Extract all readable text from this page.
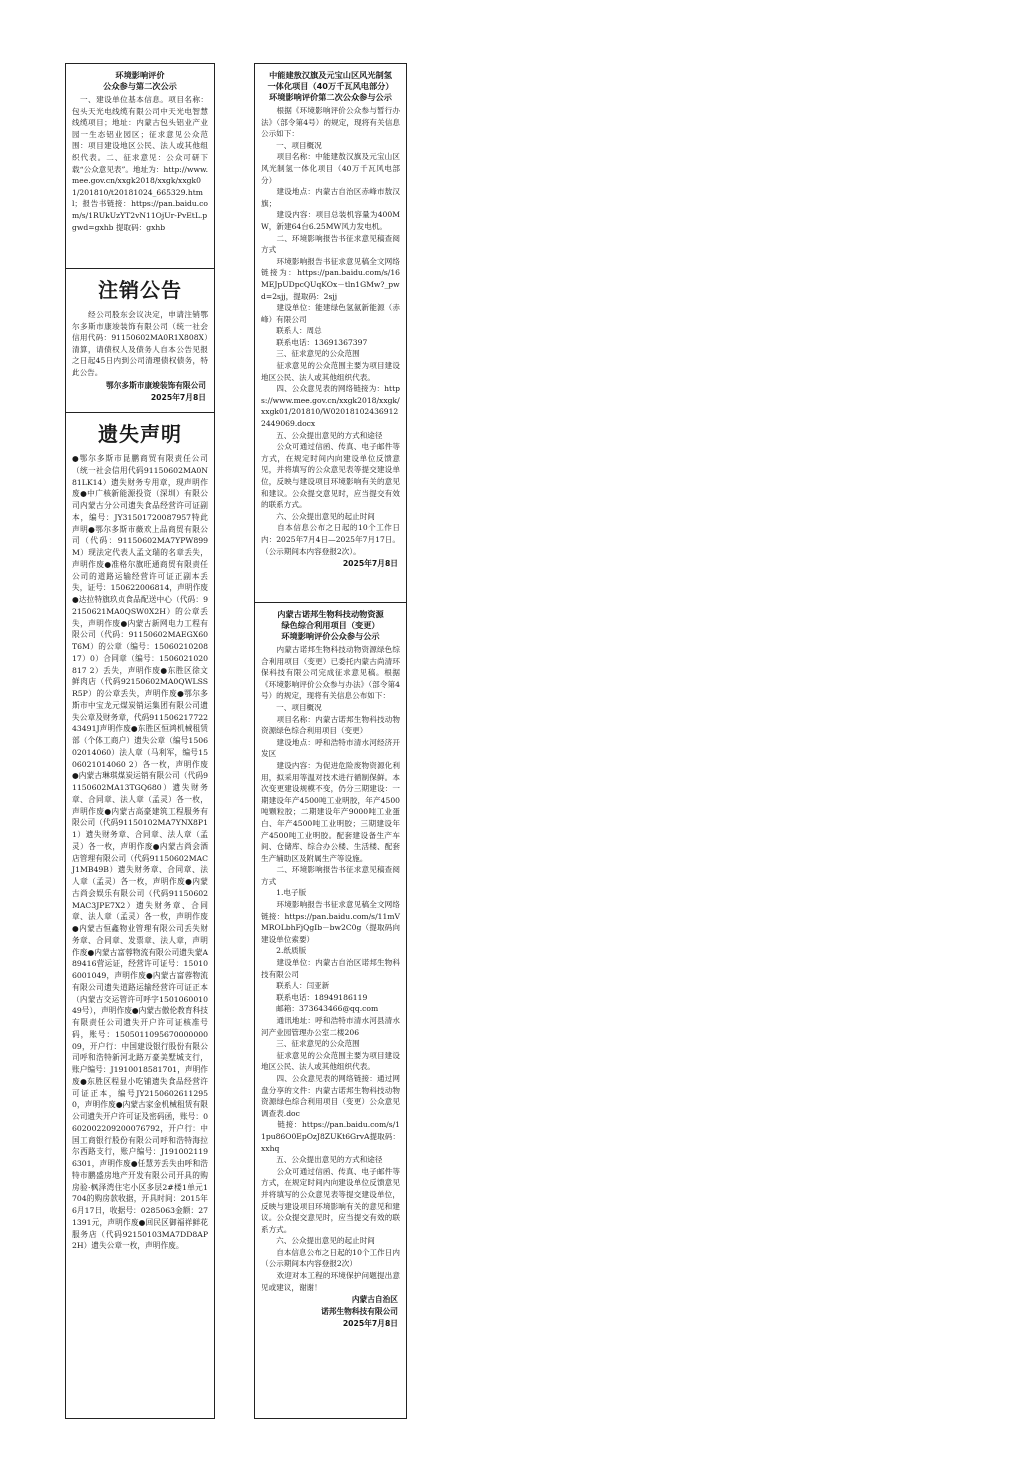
环境影响评价
公众参与第二次公示

　一、建设单位基本信息。项目名称：包头天光电线缆有限公司中天光电智慧线缆项目；地址：内蒙古包头铝业产业园一生态铝业园区；征求意见公众范围：项目建设地区公民、法人或其他组织代表。二、征求意见：公众可研下载“公众意见表”。地址为：http://www.mee.gov.cn/xxgk2018/xxgk/xxgk01/201810/t20181024_665329.html；报告书链接：https://pan.baidu.com/s/1RUkUzYT2vN11OjUr-PvEtL.pgwd=gxhb 提取码：gxhb

注销公告

　　经公司股东会议决定，申请注销鄂尔多斯市康竣装饰有限公司（统一社会信用代码：91150602MA0R1X808X）清算，请债权人及债务人自本公告见报之日起45日内到公司清理债权债务，特此公告。

鄂尔多斯市康竣装饰有限公司
2025年7月8日
遗失声明

●鄂尔多斯市昆鹏商贸有限责任公司（统一社会信用代码91150602MA0N81LK14）遗失财务专用章，现声明作废●中广核新能源投资（深圳）有限公司内蒙古分公司遗失食品经营许可证副本，编号：JY31501720087957特此声明●鄂尔多斯市薇欢上品商贸有限公司（代码：91150602MA7YPW899M）现法定代表人孟文瑞的名章丢失，声明作废●准格尔旗旺通商贸有限责任公司的道路运输经营许可证正副本丢失，证号：150622006814，声明作废●达拉特旗玖贞食品配送中心（代码：92150621MA0QSW0X2H）的公章丢失，声明作废●内蒙古新网电力工程有限公司（代码：91150602MAEGX60T6M）的公章（编号：1506021020817）0）合同章（编号：1506021020817 2）丢失，声明作废●东胜区徐文鲜肉店（代码92150602MA0QWLSSR5P）的公章丢失，声明作废●鄂尔多斯市中宝龙元煤炭销运集团有限公司遗失公章及财务章，代码91150621772243491J声明作废●东胜区恒鸿机械租赁部（个体工商户）遗失公章（编号150602014060）法人章（马利军，编号1506021014060 2）各一枚，声明作废●内蒙古琳琪煤炭运销有限公司（代码91150602MA13TGQ680）遗失财务章、合同章、法人章（孟灵）各一枚，声明作废●内蒙古高豪建筑工程服务有限公司（代码91150102MA7YNX8P11）遗失财务章、合同章、法人章（孟灵）各一枚，声明作废●内蒙古尚会酒店管理有限公司（代码91150602MACJ1MB49B）遗失财务章、合同章、法人章（孟灵）各一枚，声明作废●内蒙古尚会娱乐有限公司（代码91150602MAC3JPE7X2）遗失财务章、合同章、法人章（孟灵）各一枚，声明作废●内蒙古恒鑫物业管理有限公司丢失财务章、合同章、发票章、法人章，声明作废●内蒙古富蓉物流有限公司遗失蒙A89416营运证，经营许可证号：150106001049，声明作废●内蒙古富蓉物流有限公司遗失道路运输经营许可证正本（内蒙古交运管许可呼字150106001049号），声明作废●内蒙古傲伦教育科技有限责任公司遗失开户许可证核准号码，账号：150501109567000000009，开户行：中国建设银行股份有限公司呼和浩特新河北路万豪美墅城支行，账户编号：J1910018581701，声明作废●东胜区程显小吃铺遗失食品经营许可证正本，编号JY21506026112950，声明作废●内蒙古家金机械租赁有限公司遗失开户许可证及密码函，账号：0602002209200076792，开户行：中国工商银行股份有限公司呼和浩特海拉尔西路支行，账户编号：J1910021196301，声明作废●任慧芳丢失由呼和浩特市鹏盛房地产开发有限公司开具的购房验·枫泽湾住宅小区多层2#楼1单元1704的购房款收据，开具时间：2015年6月17日，收据号：0285063金额：271391元，声明作废●回民区御福祥鲜花服务店（代码92150103MA7DD8AP2H）遗失公章一枚，声明作废。

中能建敖汉旗及元宝山区风光制氢
一体化项目（40万千瓦风电部分）
环境影响评价第二次公众参与公示

　　根据《环境影响评价公众参与暂行办法》（部令第4号）的规定，现将有关信息公示如下：
　　一、项目概况
　　项目名称：中能建敖汉旗及元宝山区风光制氢一体化项目（40万千瓦风电部分）
　　建设地点：内蒙古自治区赤峰市敖汉旗；
　　建设内容：项目总装机容量为400MW，新建64台6.25MW风力发电机。
　　二、环境影响报告书征求意见稿查阅方式
　　环境影响报告书征求意见稿全文网络链接为：https://pan.baidu.com/s/16MEJpUDpcQUqKOx－tln1GMw?_pwd=2sjj，提取码：2sjj
　　建设单位：能建绿色氢氨新能源（赤峰）有限公司
　　联系人：周总
　　联系电话：13691367397
　　三、征求意见的公众范围
　　征求意见的公众范围主要为项目建设地区公民、法人或其他组织代表。
　　四、公众意见表的网络链接为：https://www.mee.gov.cn/xxgk2018/xxgk/xxgk01/201810/W020181024369122449069.docx
　　五、公众提出意见的方式和途径
　　公众可通过信函、传真、电子邮件等方式，在规定时间内向建设单位反馈意见，并将填写的公众意见表等提交建设单位，反映与建设项目环境影响有关的意见和建议。公众提交意见时，应当提交有效的联系方式。
　　六、公众提出意见的起止时间
　　自本信息公布之日起的10个工作日内：2025年7月4日—2025年7月17日。（公示期间本内容登报2次）。

2025年7月8日
内蒙古诺邦生物科技动物资源
绿色综合利用项目（变更）
环境影响评价公众参与公示

　　内蒙古诺邦生物科技动物资源绿色综合利用项目（变更）已委托内蒙古尚清环保科技有限公司完成征求意见稿。根据《环境影响评价公众参与办法》（部令第4号）的规定，现将有关信息公布如下：
　　一、项目概况
　　项目名称：内蒙古诺邦生物科技动物资源绿色综合利用项目（变更）
　　建设地点：呼和浩特市清水河经济开发区
　　建设内容：为促进危险废物资源化利用，拟采用等温对技术进行循制保鲜。本次变更建设规模不变，仍分三期建设：一期建设年产4500吨工业明胶，年产4500吨颗粒胶；二期建设年产9000吨工业蛋白、年产4500吨工业明胶；三期建设年产4500吨工业明胶。配套建设备生产车间、仓储库、综合办公楼、生活楼、配套生产辅助区及附属生产等设施。
　　二、环境影响报告书征求意见稿查阅方式
　　1.电子版
　　环境影响报告书征求意见稿全文网络链接：https://pan.baidu.com/s/11mVMROLbhFjQgIb－bw2C0g（提取码向建设单位索要）
　　2.纸质版
　　建设单位：内蒙古自治区诺邦生物科技有限公司
　　联系人：闫亚新
　　联系电话：18949186119
　　邮箱：373643466@qq.com
　　通讯地址：呼和浩特市清水河县清水河产业园管理办公室二楼206
　　三、征求意见的公众范围
　　征求意见的公众范围主要为项目建设地区公民、法人或其他组织代表。
　　四、公众意见表的网络链接：通过网盘分享的文件：内蒙古诺邦生物科技动物资源绿色综合利用项目（变更）公众意见调查表.doc
　　链接：https://pan.baidu.com/s/11pu86O0EpOzJ8ZUKt6GrvA提取码：xxhq
　　五、公众提出意见的方式和途径
　　公众可通过信函、传真、电子邮件等方式，在规定时间内向建设单位反馈意见并将填写的公众意见表等提交建设单位，反映与建设项目环境影响有关的意见和建议。公众提交意见时，应当提交有效的联系方式。
　　六、公众提出意见的起止时间
　　自本信息公布之日起的10个工作日内（公示期间本内容登报2次）
　　欢迎对本工程的环境保护问题提出意见或建议，谢谢！

内蒙古自治区
诺邦生物科技有限公司
2025年7月8日
